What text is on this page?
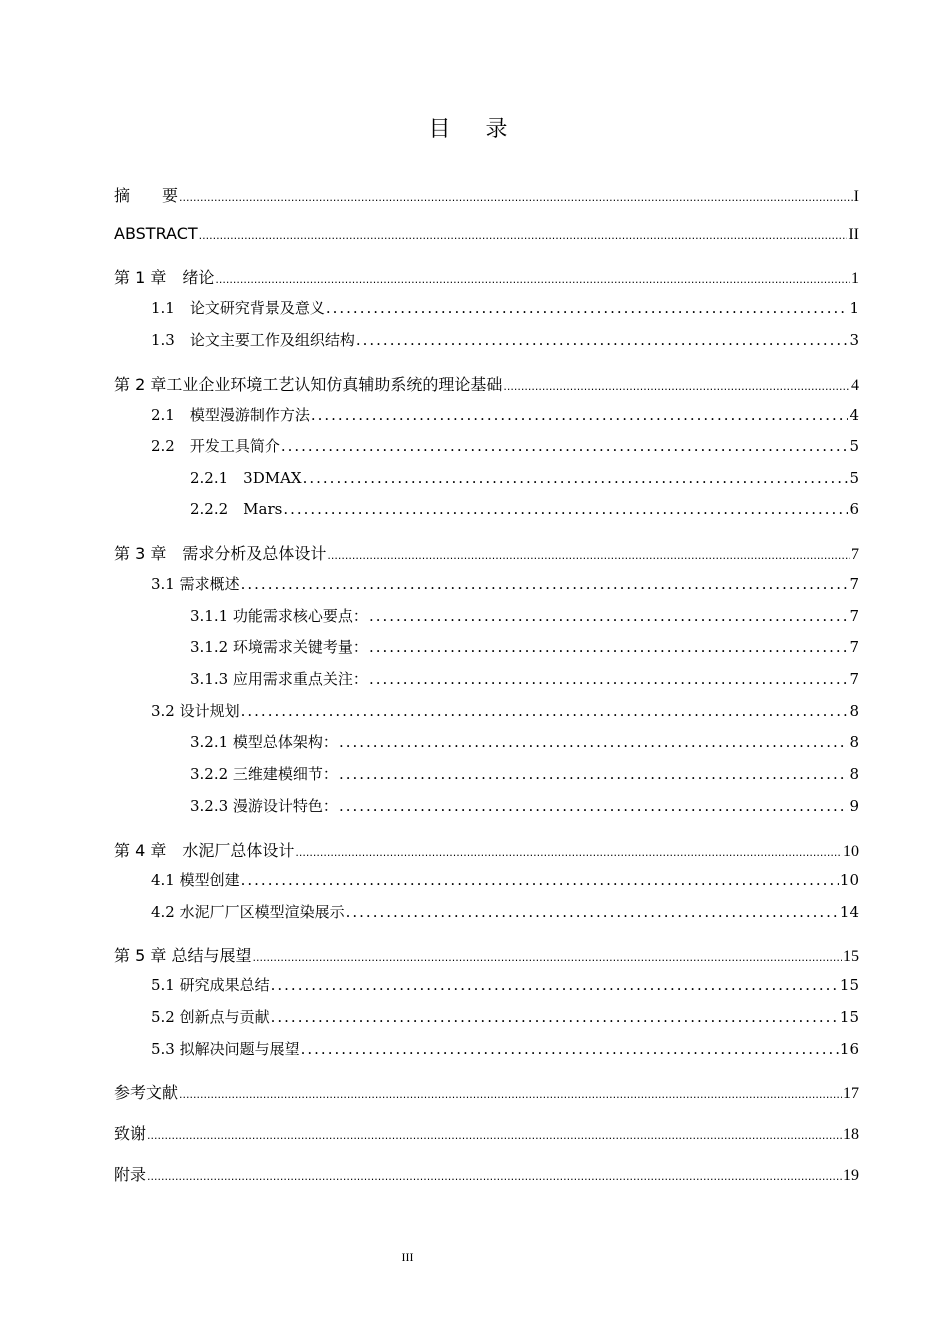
目 录
摘　　要 .....	I
ABSTRACT .....	II
第 1 章　绪论 .....	1
1.1　论文研究背景及意义 .....	1
1.3　论文主要工作及组织结构 .....	3
第 2 章工业企业环境工艺认知仿真辅助系统的理论基础 .....	4
2.1　模型漫游制作方法 .....	4
2.2　开发工具简介 .....	5
2.2.1　3DMAX .....	5
2.2.2　Mars .....	6
第 3 章　需求分析及总体设计 .....	7
3.1 需求概述 .....	7
3.1.1 功能需求核心要点： .....	7
3.1.2 环境需求关键考量： .....	7
3.1.3 应用需求重点关注： .....	7
3.2 设计规划 .....	8
3.2.1 模型总体架构： .....	8
3.2.2 三维建模细节： .....	8
3.2.3 漫游设计特色： .....	9
第 4 章　水泥厂总体设计 .....	10
4.1 模型创建 .....	10
4.2 水泥厂厂区模型渲染展示 .....	14
第 5 章 总结与展望 .....	15
5.1 研究成果总结 .....	15
5.2 创新点与贡献 .....	15
5.3 拟解决问题与展望 .....	16
参考文献 .....	17
致谢 .....	18
附录 .....	19
III
